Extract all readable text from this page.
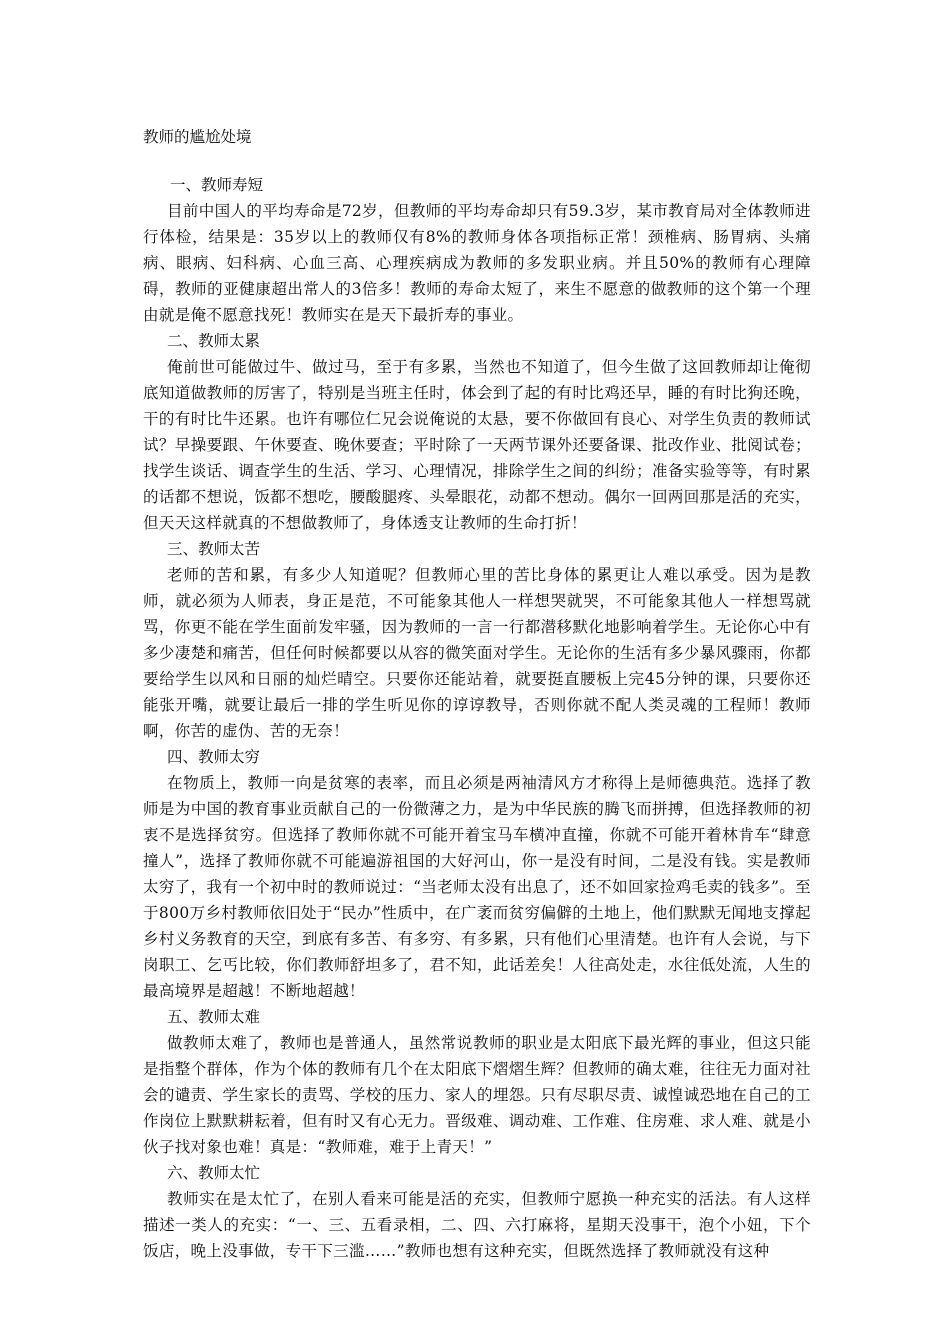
教师的尴尬处境
一、教师寿短
目前中国人的平均寿命是72岁，但教师的平均寿命却只有59.3岁，某市教育局对全体教师进行体检，结果是：35岁以上的教师仅有8%的教师身体各项指标正常！颈椎病、肠胃病、头痛病、眼病、妇科病、心血三高、心理疾病成为教师的多发职业病。并且50%的教师有心理障碍，教师的亚健康超出常人的3倍多！教师的寿命太短了，来生不愿意的做教师的这个第一个理由就是俺不愿意找死！教师实在是天下最折寿的事业。
二、教师太累
俺前世可能做过牛、做过马，至于有多累，当然也不知道了，但今生做了这回教师却让俺彻底知道做教师的厉害了，特别是当班主任时，体会到了起的有时比鸡还早，睡的有时比狗还晚，干的有时比牛还累。也许有哪位仁兄会说俺说的太悬，要不你做回有良心、对学生负责的教师试试？早操要跟、午休要查、晚休要查；平时除了一天两节课外还要备课、批改作业、批阅试卷；找学生谈话、调查学生的生活、学习、心理情况，排除学生之间的纠纷；准备实验等等，有时累的话都不想说，饭都不想吃，腰酸腿疼、头晕眼花，动都不想动。偶尔一回两回那是活的充实，但天天这样就真的不想做教师了，身体透支让教师的生命打折！
三、教师太苦
老师的苦和累，有多少人知道呢？但教师心里的苦比身体的累更让人难以承受。因为是教师，就必须为人师表，身正是范，不可能象其他人一样想哭就哭，不可能象其他人一样想骂就骂，你更不能在学生面前发牢骚，因为教师的一言一行都潜移默化地影响着学生。无论你心中有多少凄楚和痛苦，但任何时候都要以从容的微笑面对学生。无论你的生活有多少暴风骤雨，你都要给学生以风和日丽的灿烂晴空。只要你还能站着，就要挺直腰板上完45分钟的课，只要你还能张开嘴，就要让最后一排的学生听见你的谆谆教导，否则你就不配人类灵魂的工程师！教师啊，你苦的虚伪、苦的无奈！
四、教师太穷
在物质上，教师一向是贫寒的表率，而且必须是两袖清风方才称得上是师德典范。选择了教师是为中国的教育事业贡献自己的一份微薄之力，是为中华民族的腾飞而拼搏，但选择教师的初衷不是选择贫穷。但选择了教师你就不可能开着宝马车横冲直撞，你就不可能开着林肯车“肆意撞人”，选择了教师你就不可能遍游祖国的大好河山，你一是没有时间，二是没有钱。实是教师太穷了，我有一个初中时的教师说过：“当老师太没有出息了，还不如回家捡鸡毛卖的钱多”。至于800万乡村教师依旧处于“民办”性质中，在广袤而贫穷偏僻的土地上，他们默默无闻地支撑起乡村义务教育的天空，到底有多苦、有多穷、有多累，只有他们心里清楚。也许有人会说，与下岗职工、乞丐比较，你们教师舒坦多了，君不知，此话差矣！人往高处走，水往低处流，人生的最高境界是超越！不断地超越！
五、教师太难
做教师太难了，教师也是普通人，虽然常说教师的职业是太阳底下最光辉的事业，但这只能是指整个群体，作为个体的教师有几个在太阳底下熠熠生辉？但教师的确太难，往往无力面对社会的谴责、学生家长的责骂、学校的压力、家人的埋怨。只有尽职尽责、诚惶诚恐地在自己的工作岗位上默默耕耘着，但有时又有心无力。晋级难、调动难、工作难、住房难、求人难、就是小伙子找对象也难！真是：“教师难，难于上青天！”
六、教师太忙
教师实在是太忙了，在别人看来可能是活的充实，但教师宁愿换一种充实的活法。有人这样描述一类人的充实：“一、三、五看录相，二、四、六打麻将，星期天没事干，泡个小妞，下个饭店，晚上没事做，专干下三滥……”教师也想有这种充实，但既然选择了教师就没有这种
